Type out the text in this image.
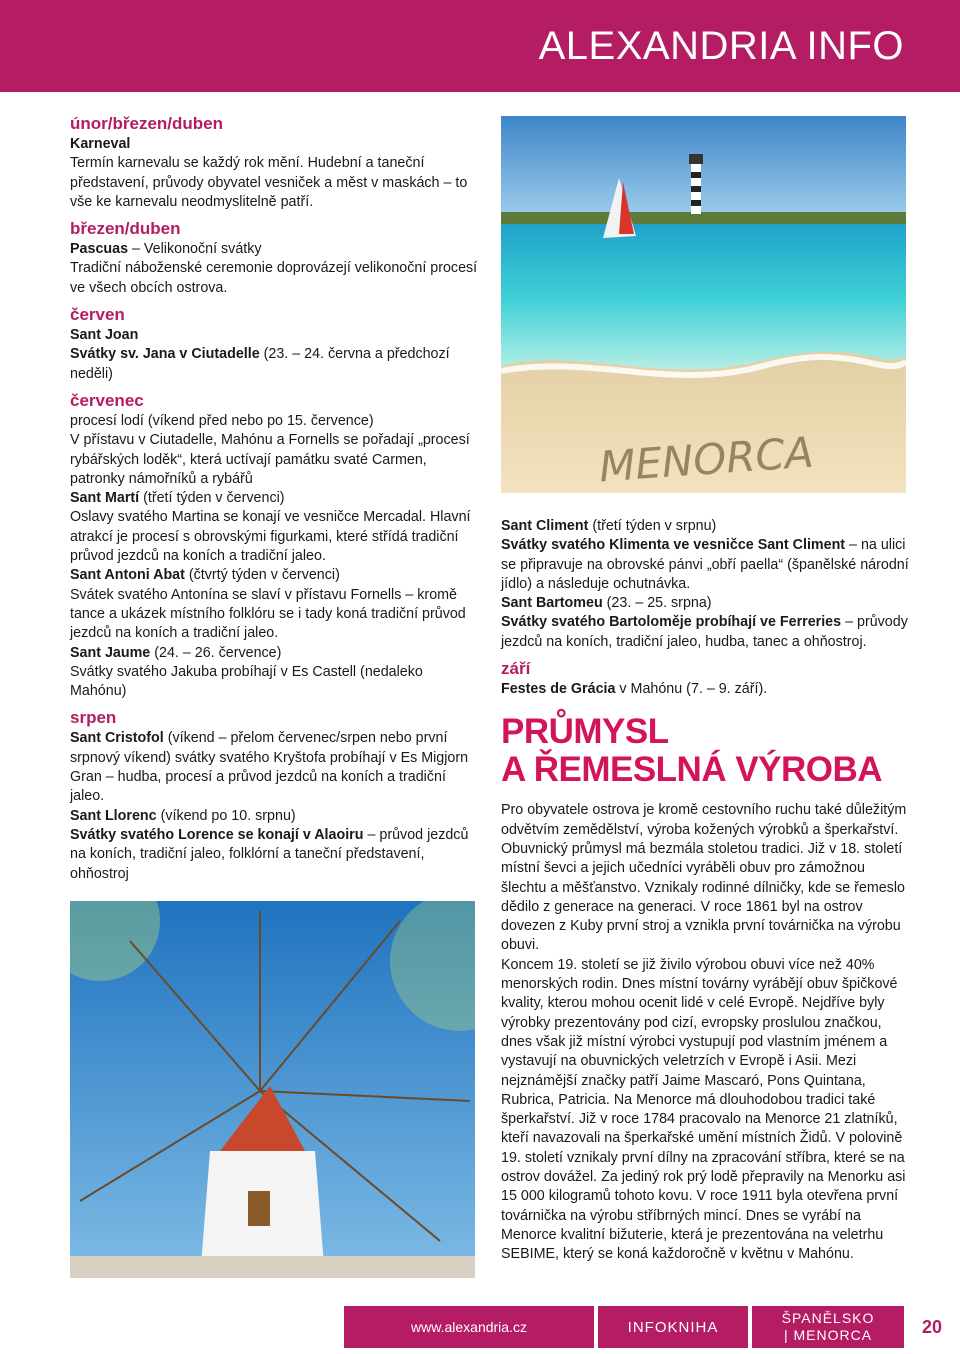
ALEXANDRIA INFO

únor/březen/duben

Karneval

Termín karnevalu se každý rok mění. Hudební a taneční představení, průvody obyvatel vesniček a měst v maskách – to vše ke karnevalu neodmyslitelně patří.

březen/duben

Pascuas – Velikonoční svátky

Tradiční náboženské ceremonie doprovázejí velikonoční procesí ve všech obcích ostrova.

červen

Sant Joan

Svátky sv. Jana v Ciutadelle (23. – 24. června a předchozí neděli)

červenec

procesí lodí (víkend před nebo po 15. července)

V přístavu v Ciutadelle, Mahónu a Fornells se pořadají „procesí rybářských loděk“, která uctívají památku svaté Carmen, patronky námořníků a rybářů

Sant Martí (třetí týden v červenci)

Oslavy svatého Martina se konají ve vesničce Mercadal. Hlavní atrakcí je procesí s obrovskými figurkami, které střídá tradiční průvod jezdců na koních a tradiční jaleo.

Sant Antoni Abat (čtvrtý týden v červenci)

Svátek svatého Antonína se slaví v přístavu Fornells – kromě tance a ukázek místního folklóru se i tady koná tradiční průvod jezdců na koních a tradiční jaleo.

Sant Jaume (24. – 26. července)

Svátky svatého Jakuba probíhají v Es Castell (nedaleko Mahónu)

srpen

Sant Cristofol (víkend – přelom červenec/srpen nebo první srpnový víkend) svátky svatého Kryštofa probíhají v Es Migjorn Gran – hudba, procesí a průvod jezdců na koních a tradiční jaleo.

Sant Llorenc (víkend po 10. srpnu)

Svátky svatého Lorence se konají v Alaoiru – průvod jezdců na koních, tradiční jaleo, folklórní a taneční představení, ohňostroj

MENORCA

Sant Climent (třetí týden v srpnu)

Svátky svatého Klimenta ve vesničce Sant Climent – na ulici se připravuje na obrovské pánvi „obří paella“ (španělské národní jídlo) a následuje ochutnávka.

Sant Bartomeu (23. – 25. srpna)

Svátky svatého Bartoloměje probíhají ve Ferreries – průvody jezdců na koních, tradiční jaleo, hudba, tanec a ohňostroj.

září

Festes de Grácia v Mahónu (7. – 9. září).

PRŮMYSL
A ŘEMESLNÁ VÝROBA

Pro obyvatele ostrova je kromě cestovního ruchu také důležitým odvětvím zemědělství, výroba kožených výrobků a šperkařství. Obuvnický průmysl má bezmála stoletou tradici. Již v 18. století místní ševci a jejich učedníci vyráběli obuv pro zámožnou šlechtu a měšťanstvo. Vznikaly rodinné dílničky, kde se řemeslo dědilo z generace na generaci. V roce 1861 byl na ostrov dovezen z Kuby první stroj a vznikla první továrnička na výrobu obuvi.

Koncem 19. století se již živilo výrobou obuvi více než 40% menorských rodin. Dnes místní továrny vyrábějí obuv špičkové kvality, kterou mohou ocenit lidé v celé Evropě. Nejdříve byly výrobky prezentovány pod cizí, evropsky proslulou značkou, dnes však již místní výrobci vystupují pod vlastním jménem a vystavují na obuvnických veletrzích v Evropě i Asii. Mezi nejznámější značky patří Jaime Mascaró, Pons Quintana, Rubrica, Patricia. Na Menorce má dlouhodobou tradici také šperkařství. Již v roce 1784 pracovalo na Menorce 21 zlatníků, kteří navazovali na šperkařské umění místních Židů. V polovině 19. století vznikaly první dílny na zpracování stříbra, které se na ostrov dovážel. Za jediný rok prý lodě přepravily na Menorku asi 15 000 kilogramů tohoto kovu. V roce 1911 byla otevřena první továrnička na výrobu stříbrných mincí. Dnes se vyrábí na Menorce kvalitní bižuterie, která je prezentována na veletrhu SEBIME, který se koná každoročně v květnu v Mahónu.

www.alexandria.cz	INFOKNIHA
ŠPANĚLSKO
| MENORCA	20
